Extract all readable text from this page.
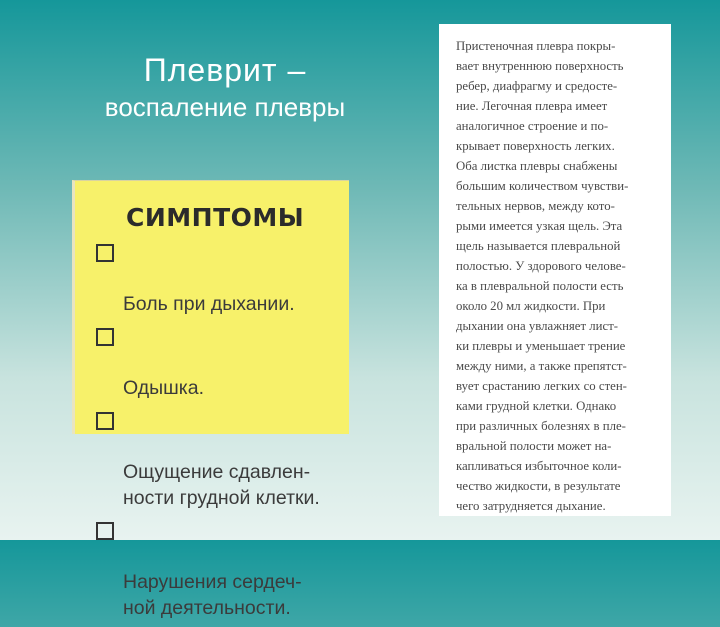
Плеврит –
воспаление плевры
СИМПТОМЫ

Боль при дыхании.

Одышка.

Ощущение сдавлен-
ности грудной клетки.

Нарушения сердеч-
ной деятельности.

Пристеночная плевра покры-
вает внутреннюю поверхность
ребер, диафрагму и средосте-
ние. Легочная плевра имеет
аналогичное строение и по-
крывает поверхность легких.
Оба листка плевры снабжены
большим количеством чувстви-
тельных нервов, между кото-
рыми имеется узкая щель. Эта
щель называется плевральной
полостью. У здорового челове-
ка в плевральной полости есть
около 20 мл жидкости. При
дыхании она увлажняет лист-
ки плевры и уменьшает трение
между ними, а также препятст-
вует срастанию легких со стен-
ками грудной клетки. Однако
при различных болезнях в пле-
вральной полости может на-
капливаться избыточное коли-
чество жидкости, в результате
чего затрудняется дыхание.
